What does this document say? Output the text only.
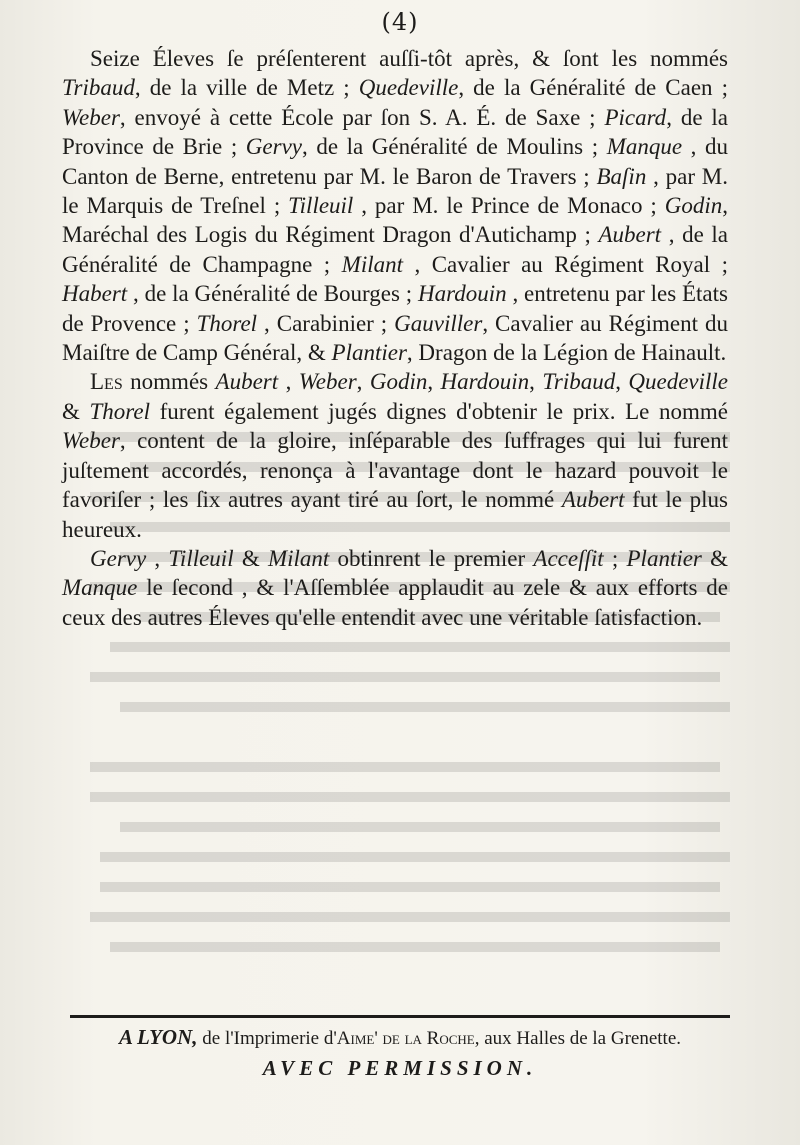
(4)

Seize Éleves ſe préſenterent auſſi-tôt après, & ſont les nommés Tribaud, de la ville de Metz ; Quedeville, de la Généralité de Caen ; Weber, envoyé à cette École par ſon S. A. É. de Saxe ; Picard, de la Province de Brie ; Gervy, de la Généralité de Moulins ; Manque , du Canton de Berne, entretenu par M. le Baron de Travers ; Baſin , par M. le Marquis de Treſnel ; Tilleuil , par M. le Prince de Monaco ; Godin, Maréchal des Logis du Régiment Dragon d'Autichamp ; Aubert , de la Généralité de Champagne ; Milant , Cavalier au Régiment Royal ; Habert , de la Généralité de Bourges ; Hardouin , entretenu par les États de Provence ; Thorel , Carabinier ; Gauviller, Cavalier au Régiment du Maiſtre de Camp Général, & Plantier, Dragon de la Légion de Hainault.

Les nommés Aubert , Weber, Godin, Hardouin, Tribaud, Quedeville & Thorel furent également jugés dignes d'obtenir le prix. Le nommé Weber, content de la gloire, inſéparable des ſuffrages qui lui furent juſtement accordés, renonça à l'avantage dont le hazard pouvoit le favoriſer ; les ſix autres ayant tiré au ſort, le nommé Aubert fut le plus heureux.

Gervy , Tilleuil & Milant obtinrent le premier Acceſſit ; Plantier & Manque le ſecond , & l'Aſſemblée applaudit au zele & aux efforts de ceux des autres Éleves qu'elle entendit avec une véritable ſatisfaction.

A LYON, de l'Imprimerie d'Aime' de la Roche, aux Halles de la Grenette.
AVEC PERMISSION.
